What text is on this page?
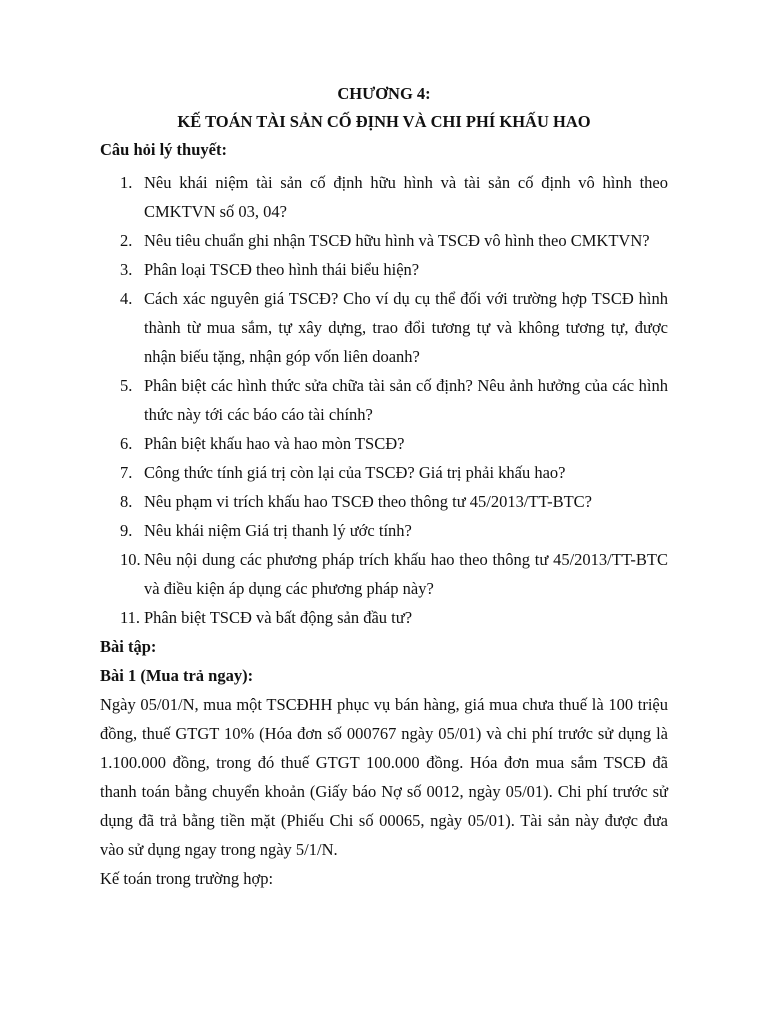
CHƯƠNG 4:

KẾ TOÁN TÀI SẢN CỐ ĐỊNH VÀ CHI PHÍ KHẤU HAO

Câu hỏi lý thuyết:

1. Nêu khái niệm tài sản cố định hữu hình và tài sản cố định vô hình theo CMKTVN số 03, 04?
2. Nêu tiêu chuẩn ghi nhận TSCĐ hữu hình và TSCĐ vô hình theo CMKTVN?
3. Phân loại TSCĐ theo hình thái biểu hiện?
4. Cách xác nguyên giá TSCĐ? Cho ví dụ cụ thể đối với trường hợp TSCĐ hình thành từ mua sắm, tự xây dựng, trao đổi tương tự và không tương tự, được nhận biếu tặng, nhận góp vốn liên doanh?
5. Phân biệt các hình thức sửa chữa tài sản cố định? Nêu ảnh hưởng của các hình thức này tới các báo cáo tài chính?
6. Phân biệt khấu hao và hao mòn TSCĐ?
7. Công thức tính giá trị còn lại của TSCĐ? Giá trị phải khấu hao?
8. Nêu phạm vi trích khấu hao TSCĐ theo thông tư 45/2013/TT-BTC?
9. Nêu khái niệm Giá trị thanh lý ước tính?
10. Nêu nội dung các phương pháp trích khấu hao theo thông tư 45/2013/TT-BTC và điều kiện áp dụng các phương pháp này?
11. Phân biệt TSCĐ và bất động sản đầu tư?

Bài tập:

Bài 1 (Mua trả ngay):

Ngày 05/01/N, mua một TSCĐHH phục vụ bán hàng, giá mua chưa thuế là 100 triệu đồng, thuế GTGT 10% (Hóa đơn số 000767 ngày 05/01) và chi phí trước sử dụng là 1.100.000 đồng, trong đó thuế GTGT 100.000 đồng. Hóa đơn mua sắm TSCĐ đã thanh toán bằng chuyển khoản (Giấy báo Nợ số 0012, ngày 05/01). Chi phí trước sử dụng đã trả bằng tiền mặt (Phiếu Chi số 00065, ngày 05/01). Tài sản này được đưa vào sử dụng ngay trong ngày 5/1/N.

Kế toán trong trường hợp:
